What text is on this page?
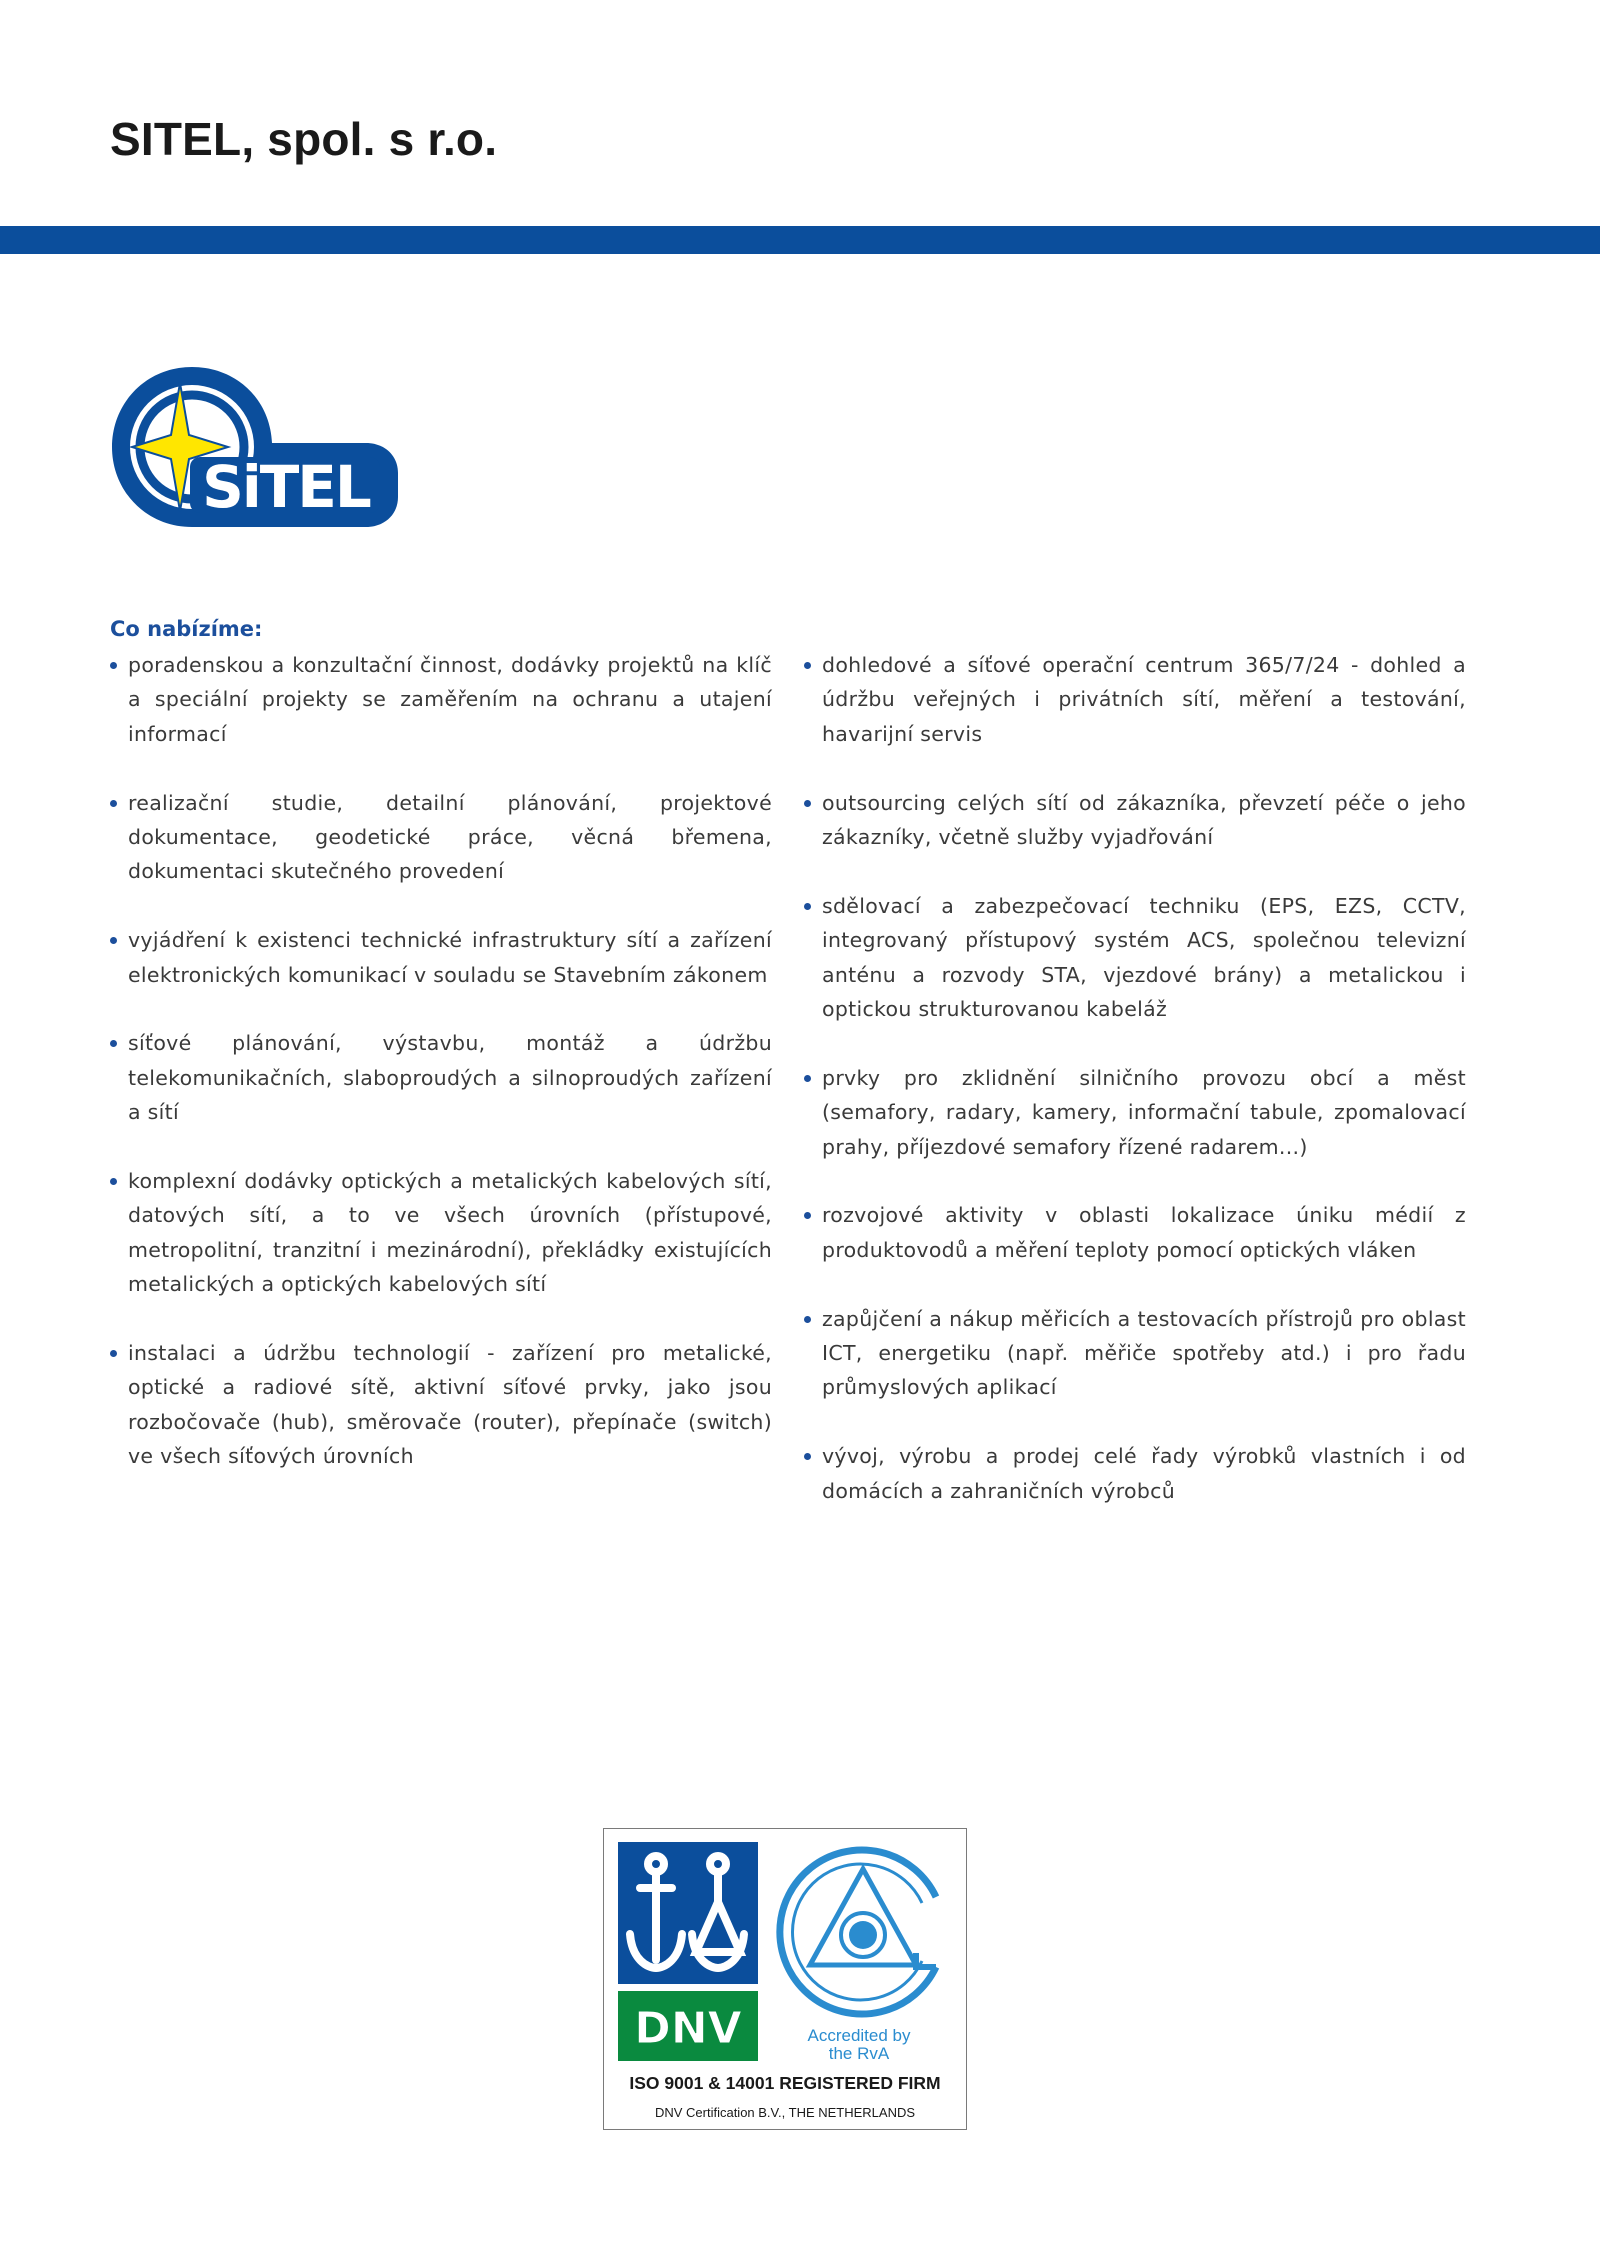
SITEL, spol. s r.o.
SiTEL
Co nabízíme:
poradenskou a konzultační činnost, dodávky projektů na klíč a speciální projekty se zaměřením na ochranu a utajení informací
realizační studie, detailní plánování, projektové dokumentace, geodetické práce, věcná břemena, dokumentaci skutečného provedení
vyjádření k existenci technické infrastruktury sítí a zařízení elektronických komunikací v souladu se Stavebním zákonem
síťové plánování, výstavbu, montáž a údržbu telekomunikačních, slaboproudých a silnoproudých zařízení a sítí
komplexní dodávky optických a metalických kabelových sítí, datových sítí, a to ve všech úrovních (přístupové, metropolitní, tranzitní i mezinárodní), překládky existujících metalických a optických kabelových sítí
instalaci a údržbu technologií - zařízení pro metalické, optické a radiové sítě, aktivní síťové prvky, jako jsou rozbočovače (hub), směrovače (router), přepínače (switch) ve všech síťových úrovních
dohledové a síťové operační centrum 365/7/24 - dohled a údržbu veřejných i privátních sítí, měření a testování, havarijní servis
outsourcing celých sítí od zákazníka, převzetí péče o jeho zákazníky, včetně služby vyjadřování
sdělovací a zabezpečovací techniku (EPS, EZS, CCTV, integrovaný přístupový systém ACS, společnou televizní anténu a rozvody STA, vjezdové brány) a metalickou i optickou strukturovanou kabeláž
prvky pro zklidnění silničního provozu obcí a měst (semafory, radary, kamery, informační tabule, zpomalovací prahy, příjezdové semafory řízené radarem...)
rozvojové aktivity v oblasti lokalizace úniku médií z produktovodů a měření teploty pomocí optických vláken
zapůjčení a nákup měřicích a testovacích přístrojů pro oblast ICT, energetiku (např. měřiče spotřeby atd.) i pro řadu průmyslových aplikací
vývoj, výrobu a prodej celé řady výrobků vlastních i od domácích a zahraničních výrobců
DNV	Accredited by the RvA
ISO 9001 & 14001 REGISTERED FIRM
DNV Certification B.V., THE NETHERLANDS
